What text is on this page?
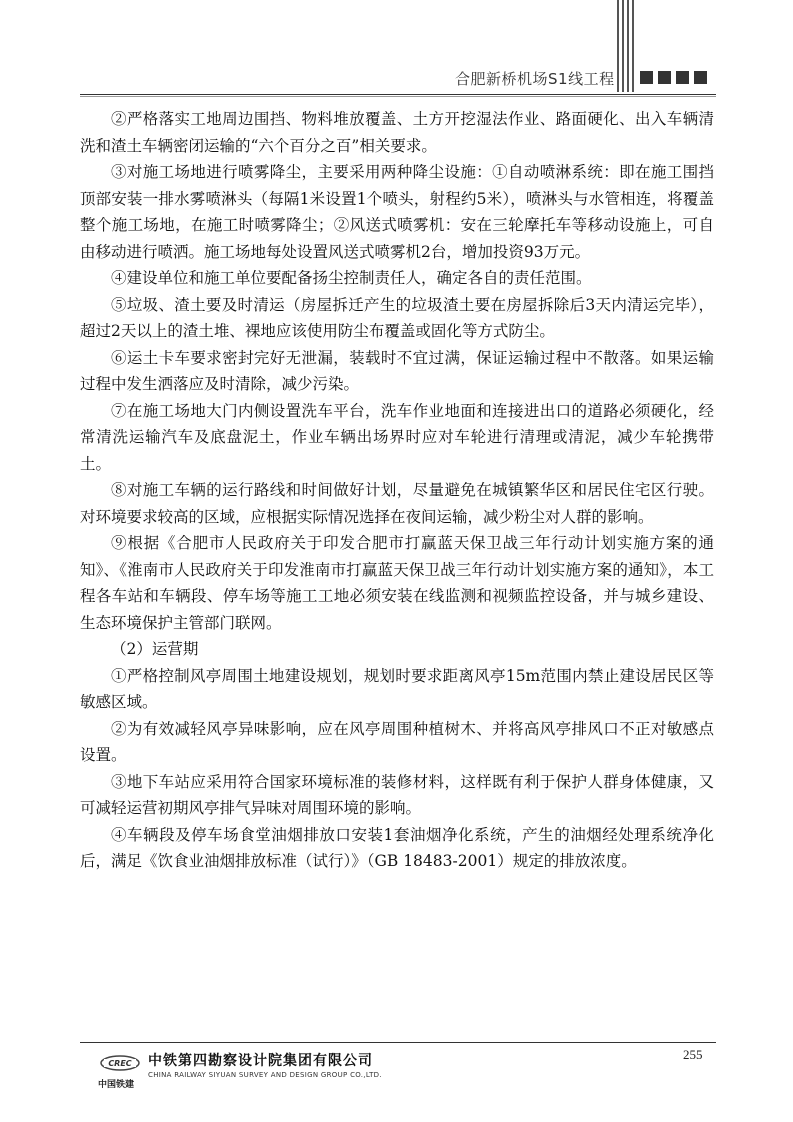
合肥新桥机场S1线工程

②严格落实工地周边围挡、物料堆放覆盖、土方开挖湿法作业、路面硬化、出入车辆清洗和渣土车辆密闭运输的“六个百分之百”相关要求。

③对施工场地进行喷雾降尘，主要采用两种降尘设施：①自动喷淋系统：即在施工围挡顶部安装一排水雾喷淋头（每隔1米设置1个喷头，射程约5米），喷淋头与水管相连，将覆盖整个施工场地，在施工时喷雾降尘；②风送式喷雾机：安在三轮摩托车等移动设施上，可自由移动进行喷洒。施工场地每处设置风送式喷雾机2台，增加投资93万元。

④建设单位和施工单位要配备扬尘控制责任人，确定各自的责任范围。

⑤垃圾、渣土要及时清运（房屋拆迁产生的垃圾渣土要在房屋拆除后3天内清运完毕），超过2天以上的渣土堆、裸地应该使用防尘布覆盖或固化等方式防尘。

⑥运土卡车要求密封完好无泄漏，装载时不宜过满，保证运输过程中不散落。如果运输过程中发生洒落应及时清除，减少污染。

⑦在施工场地大门内侧设置洗车平台，洗车作业地面和连接进出口的道路必须硬化，经常清洗运输汽车及底盘泥土，作业车辆出场界时应对车轮进行清理或清泥，减少车轮携带土。

⑧对施工车辆的运行路线和时间做好计划，尽量避免在城镇繁华区和居民住宅区行驶。对环境要求较高的区域，应根据实际情况选择在夜间运输，减少粉尘对人群的影响。

⑨根据《合肥市人民政府关于印发合肥市打赢蓝天保卫战三年行动计划实施方案的通知》、《淮南市人民政府关于印发淮南市打赢蓝天保卫战三年行动计划实施方案的通知》，本工程各车站和车辆段、停车场等施工工地必须安装在线监测和视频监控设备，并与城乡建设、生态环境保护主管部门联网。

（2）运营期

①严格控制风亭周围土地建设规划，规划时要求距离风亭15m范围内禁止建设居民区等敏感区域。

②为有效减轻风亭异味影响，应在风亭周围种植树木、并将高风亭排风口不正对敏感点设置。

③地下车站应采用符合国家环境标准的装修材料，这样既有利于保护人群身体健康，又可减轻运营初期风亭排气异味对周围环境的影响。

④车辆段及停车场食堂油烟排放口安装1套油烟净化系统，产生的油烟经处理系统净化后，满足《饮食业油烟排放标准（试行）》（GB 18483-2001）规定的排放浓度。

CREC
中国铁建
中铁第四勘察设计院集团有限公司
CHINA RAILWAY SIYUAN SURVEY AND DESIGN GROUP CO.,LTD.
255
